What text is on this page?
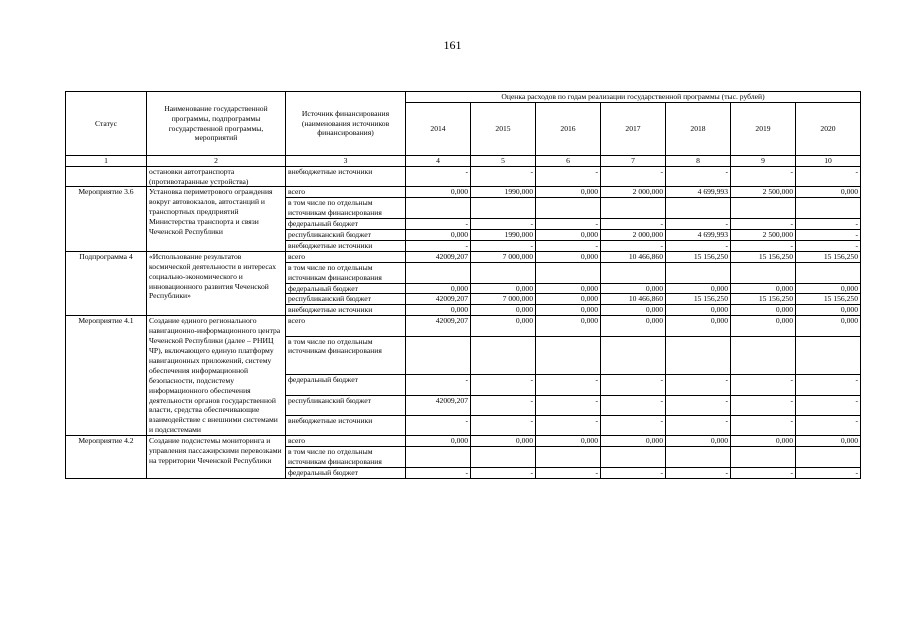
161
Статус	Наименование государственной программы, подпрограммы государственной программы, мероприятий	Источник финансирования (наименования источников финансирования)	Оценка расходов по годам реализации государственной программы (тыс. рублей)						
			2014	2015	2016	2017	2018	2019	2020
1	2	3	4	5	6	7	8	9	10
	остановки автотранспорта (противотаранные устройства)	внебюджетные источники	-	-	-	-	-	-	-
Мероприятие 3.6	Установка периметрового ограждения вокруг автовокзалов, автостанций и транспортных предприятий Министерства транспорта и связи Чеченской Республики	всего	0,000	1990,000	0,000	2 000,000	4 699,993	2 500,000	0,000
		в том числе по отдельным источникам финансирования							
		федеральный бюджет	-	-	-	-	-	-	-
		республиканский бюджет	0,000	1990,000	0,000	2 000,000	4 699,993	2 500,000	-
		внебюджетные источники	-	-	-	-	-	-	-
Подпрограмма 4	«Использование результатов космической деятельности в интересах социально-экономического и инновационного развития Чеченской Республики»	всего	42009,207	7 000,000	0,000	10 466,860	15 156,250	15 156,250	15 156,250
		в том числе по отдельным источникам финансирования							
		федеральный бюджет	0,000	0,000	0,000	0,000	0,000	0,000	0,000
		республиканский бюджет	42009,207	7 000,000	0,000	10 466,860	15 156,250	15 156,250	15 156,250
		внебюджетные источники	0,000	0,000	0,000	0,000	0,000	0,000	0,000
Мероприятие 4.1	Создание единого регионального навигационно-информационного центра Чеченской Республики (далее – РНИЦ ЧР), включающего единую платформу навигационных приложений, систему обеспечения информационной безопасности, подсистему информационного обеспечения деятельности органов государственной власти, средства обеспечивающие взаимодействие с внешними системами и подсистемами	всего	42009,207	0,000	0,000	0,000	0,000	0,000	0,000
		в том числе по отдельным источникам финансирования							
		федеральный бюджет	-	-	-	-	-	-	-
		республиканский бюджет	42009,207	-	-	-	-	-	-
		внебюджетные источники	-	-	-	-	-	-	-
Мероприятие 4.2	Создание подсистемы мониторинга и управления пассажирскими перевозками на территории Чеченской Республики	всего	0,000	0,000	0,000	0,000	0,000	0,000	0,000
		в том числе по отдельным источникам финансирования							
		федеральный бюджет	-	-	-	-	-	-	-
